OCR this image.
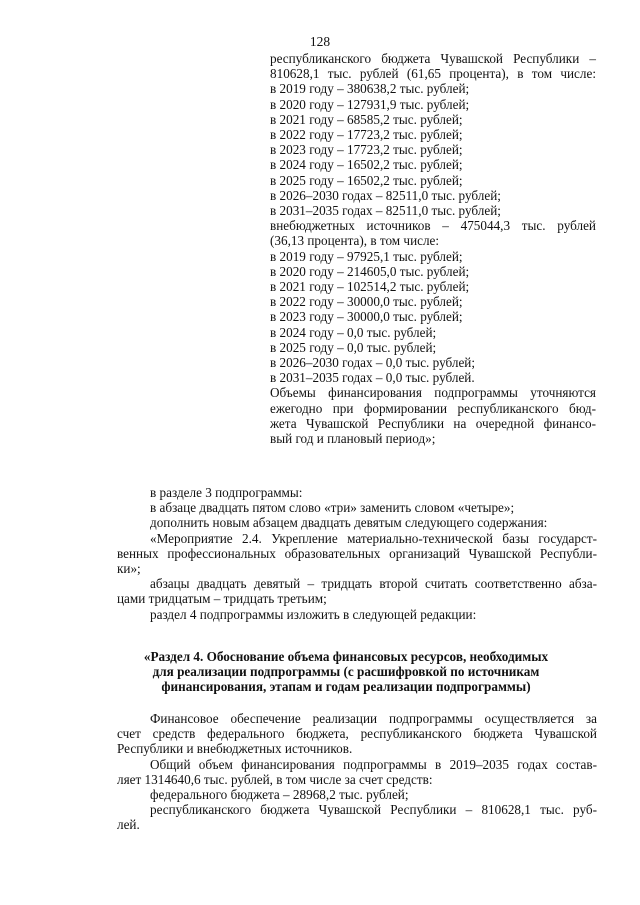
128

республиканского бюджета Чувашской Республики –
810628,1 тыс. рублей (61,65 процента), в том числе:
в 2019 году – 380638,2 тыс. рублей;
в 2020 году – 127931,9 тыс. рублей;
в 2021 году – 68585,2 тыс. рублей;
в 2022 году – 17723,2 тыс. рублей;
в 2023 году – 17723,2 тыс. рублей;
в 2024 году – 16502,2 тыс. рублей;
в 2025 году – 16502,2 тыс. рублей;
в 2026–2030 годах – 82511,0 тыс. рублей;
в 2031–2035 годах – 82511,0 тыс. рублей;
внебюджетных источников – 475044,3 тыс. рублей
(36,13 процента), в том числе:
в 2019 году – 97925,1 тыс. рублей;
в 2020 году – 214605,0 тыс. рублей;
в 2021 году – 102514,2 тыс. рублей;
в 2022 году – 30000,0 тыс. рублей;
в 2023 году – 30000,0 тыс. рублей;
в 2024 году – 0,0 тыс. рублей;
в 2025 году – 0,0 тыс. рублей;
в 2026–2030 годах – 0,0 тыс. рублей;
в 2031–2035 годах – 0,0 тыс. рублей.
Объемы финансирования подпрограммы уточняются
ежегодно при формировании республиканского бюд-
жета Чувашской Республики на очередной финансо-
вый год и плановый период»;

в разделе 3 подпрограммы:
в абзаце двадцать пятом слово «три» заменить словом «четыре»;
дополнить новым абзацем двадцать девятым следующего содержания:
«Мероприятие 2.4. Укрепление материально-технической базы государст-
венных профессиональных образовательных организаций Чувашской Республи-
ки»;
абзацы двадцать девятый – тридцать второй считать соответственно абза-
цами тридцатым – тридцать третьим;
раздел 4 подпрограммы изложить в следующей редакции:

«Раздел 4. Обоснование объема финансовых ресурсов, необходимых
для реализации подпрограммы (с расшифровкой по источникам
финансирования, этапам и годам реализации подпрограммы)

Финансовое обеспечение реализации подпрограммы осуществляется за
счет средств федерального бюджета, республиканского бюджета Чувашской
Республики и внебюджетных источников.
Общий объем финансирования подпрограммы в 2019–2035 годах состав-
ляет 1314640,6 тыс. рублей, в том числе за счет средств:
федерального бюджета – 28968,2 тыс. рублей;
республиканского бюджета Чувашской Республики – 810628,1 тыс. руб-
лей.
